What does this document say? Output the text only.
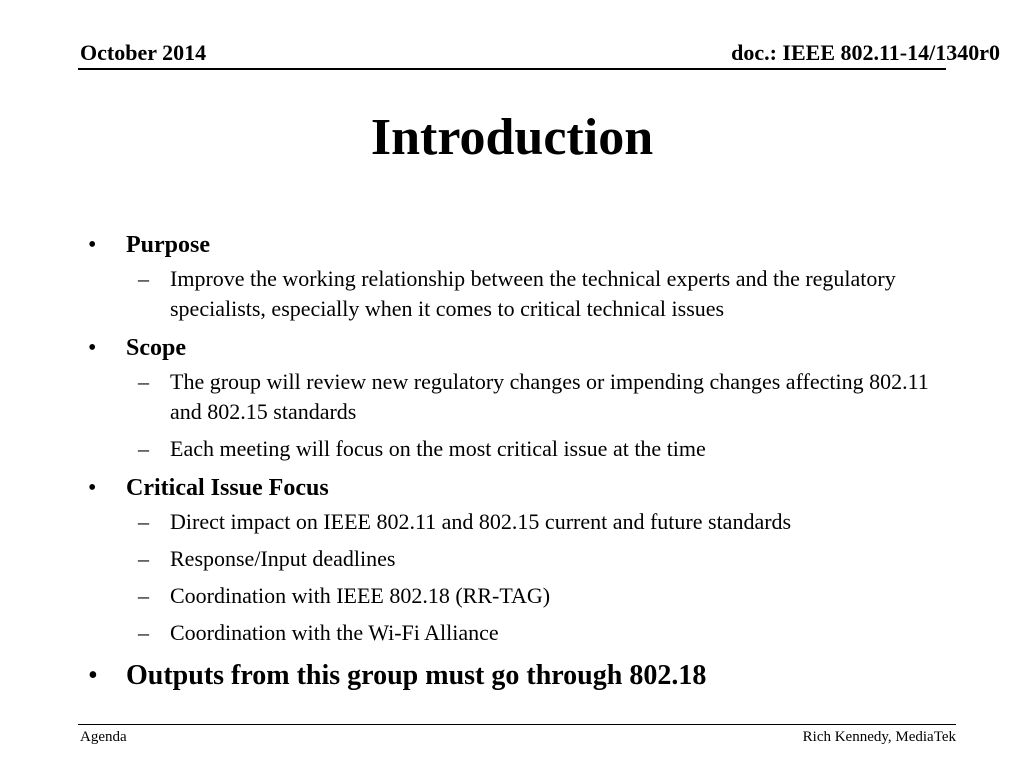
October 2014	doc.: IEEE 802.11-14/1340r0
Introduction
• Purpose
– Improve the working relationship between the technical experts and the regulatory specialists, especially when it comes to critical technical issues
• Scope
– The group will review new regulatory changes or impending changes affecting 802.11 and 802.15 standards
– Each meeting will focus on the most critical issue at the time
• Critical Issue Focus
– Direct impact on IEEE 802.11 and 802.15 current and future standards
– Response/Input deadlines
– Coordination with IEEE 802.18 (RR-TAG)
– Coordination with the Wi-Fi Alliance
• Outputs from this group must go through 802.18
Agenda	Rich Kennedy, MediaTek
